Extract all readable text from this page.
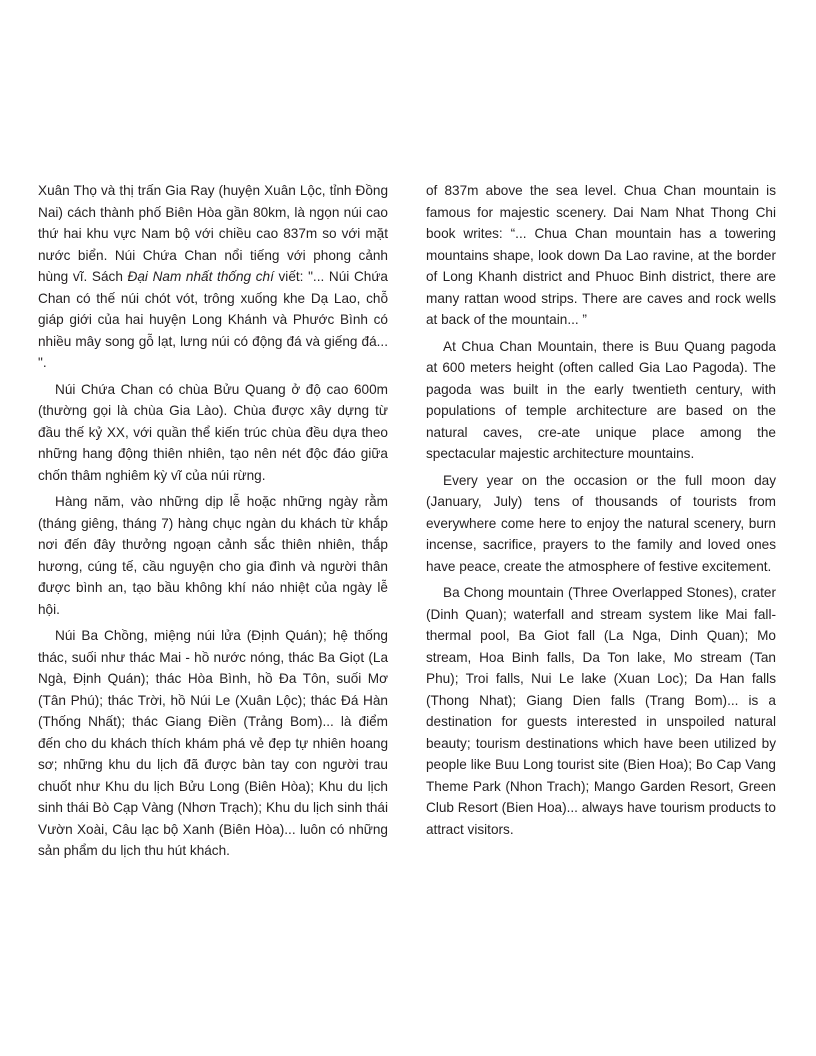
Xuân Thọ và thị trấn Gia Ray (huyện Xuân Lộc, tỉnh Đồng Nai) cách thành phố Biên Hòa gần 80km, là ngọn núi cao thứ hai khu vực Nam bộ với chiều cao 837m so với mặt nước biển. Núi Chứa Chan nổi tiếng với phong cảnh hùng vĩ. Sách Đại Nam nhất thống chí viết: "... Núi Chứa Chan có thế núi chót vót, trông xuống khe Dạ Lao, chỗ giáp giới của hai huyện Long Khánh và Phước Bình có nhiều mây song gỗ lạt, lưng núi có động đá và giếng đá... ".

Núi Chứa Chan có chùa Bửu Quang ở độ cao 600m (thường gọi là chùa Gia Lào). Chùa được xây dựng từ đầu thế kỷ XX, với quần thể kiến trúc chùa đều dựa theo những hang động thiên nhiên, tạo nên nét độc đáo giữa chốn thâm nghiêm kỳ vĩ của núi rừng.

Hàng năm, vào những dịp lễ hoặc những ngày rằm (tháng giêng, tháng 7) hàng chục ngàn du khách từ khắp nơi đến đây thưởng ngoạn cảnh sắc thiên nhiên, thắp hương, cúng tế, cầu nguyện cho gia đình và người thân được bình an, tạo bầu không khí náo nhiệt của ngày lễ hội.

Núi Ba Chồng, miệng núi lửa (Định Quán); hệ thống thác, suối như thác Mai - hồ nước nóng, thác Ba Giọt (La Ngà, Định Quán); thác Hòa Bình, hồ Đa Tôn, suối Mơ (Tân Phú); thác Trời, hồ Núi Le (Xuân Lộc); thác Đá Hàn (Thống Nhất); thác Giang Điền (Trảng Bom)... là điểm đến cho du khách thích khám phá vẻ đẹp tự nhiên hoang sơ; những khu du lịch đã được bàn tay con người trau chuốt như Khu du lịch Bửu Long (Biên Hòa); Khu du lịch sinh thái Bò Cạp Vàng (Nhơn Trạch); Khu du lịch sinh thái Vườn Xoài, Câu lạc bộ Xanh (Biên Hòa)... luôn có những sản phẩm du lịch thu hút khách.

of 837m above the sea level. Chua Chan mountain is famous for majestic scenery. Dai Nam Nhat Thong Chi book writes: “... Chua Chan mountain has a towering mountains shape, look down Da Lao ravine, at the border of Long Khanh district and Phuoc Binh district, there are many rattan wood strips. There are caves and rock wells at back of the mountain... ”

At Chua Chan Mountain, there is Buu Quang pagoda at 600 meters height (often called Gia Lao Pagoda). The pagoda was built in the early twentieth century, with populations of temple architecture are based on the natural caves, cre-ate unique place among the spectacular majestic architecture mountains.

Every year on the occasion or the full moon day (January, July) tens of thousands of tourists from everywhere come here to enjoy the natural scenery, burn incense, sacrifice, prayers to the family and loved ones have peace, create the atmosphere of festive excitement.

Ba Chong mountain (Three Overlapped Stones), crater (Dinh Quan); waterfall and stream system like Mai fall- thermal pool, Ba Giot fall (La Nga, Dinh Quan); Mo stream, Hoa Binh falls, Da Ton lake, Mo stream (Tan Phu); Troi falls, Nui Le lake (Xuan Loc); Da Han falls (Thong Nhat); Giang Dien falls (Trang Bom)... is a destination for guests interested in unspoiled natural beauty; tourism destinations which have been utilized by people like Buu Long tourist site (Bien Hoa); Bo Cap Vang Theme Park (Nhon Trach); Mango Garden Resort, Green Club Resort (Bien Hoa)... always have tourism products to attract visitors.
